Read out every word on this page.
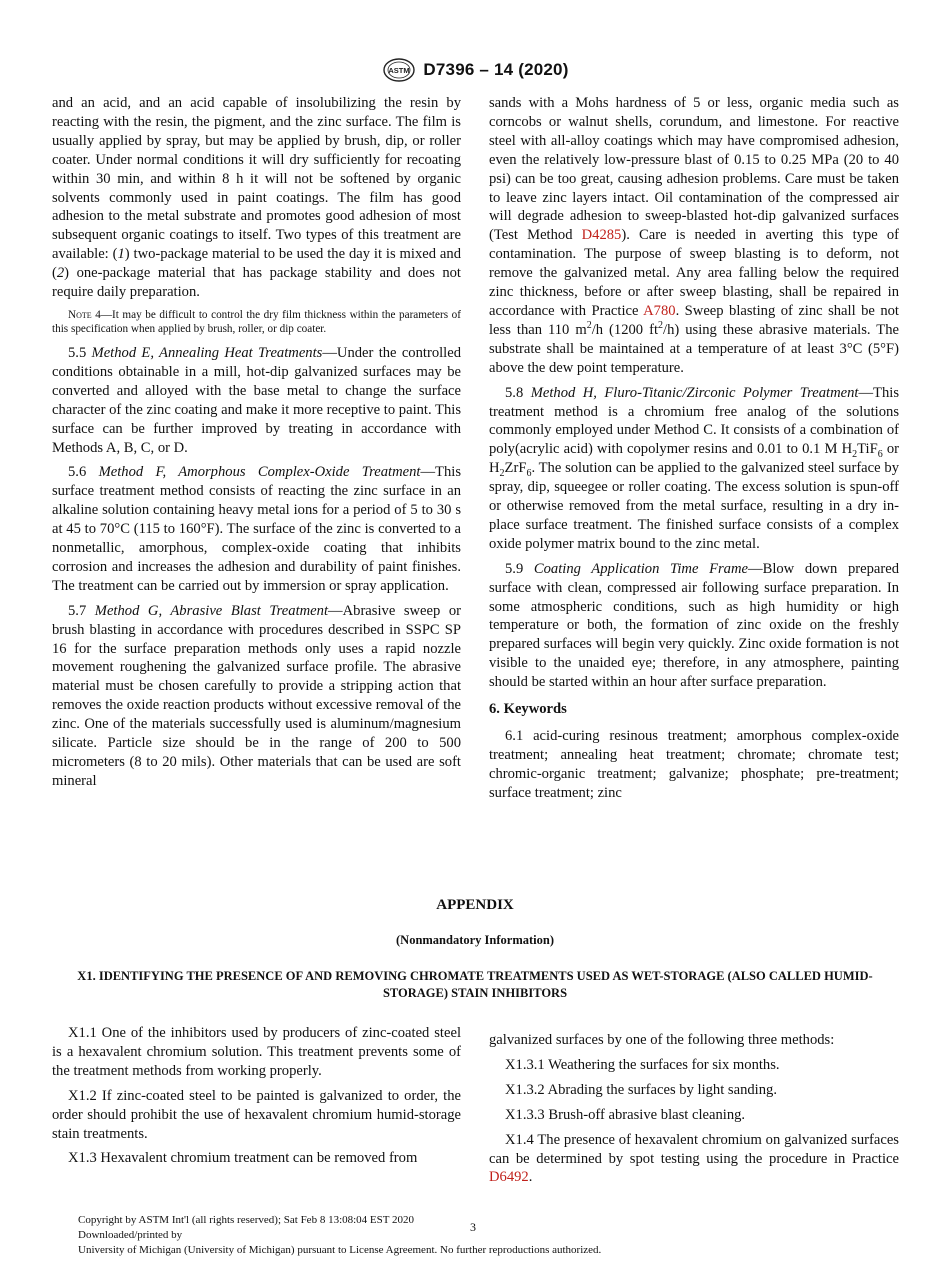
ASTM D7396 – 14 (2020)

and an acid, and an acid capable of insolubilizing the resin by reacting with the resin, the pigment, and the zinc surface. The film is usually applied by spray, but may be applied by brush, dip, or roller coater. Under normal conditions it will dry sufficiently for recoating within 30 min, and within 8 h it will not be softened by organic solvents commonly used in paint coatings. The film has good adhesion to the metal substrate and promotes good adhesion of most subsequent organic coatings to itself. Two types of this treatment are available: (1) two-package material to be used the day it is mixed and (2) one-package material that has package stability and does not require daily preparation.

Note 4—It may be difficult to control the dry film thickness within the parameters of this specification when applied by brush, roller, or dip coater.

5.5 Method E, Annealing Heat Treatments—Under the controlled conditions obtainable in a mill, hot-dip galvanized surfaces may be converted and alloyed with the base metal to change the surface character of the zinc coating and make it more receptive to paint. This surface can be further improved by treating in accordance with Methods A, B, C, or D.

5.6 Method F, Amorphous Complex-Oxide Treatment—This surface treatment method consists of reacting the zinc surface in an alkaline solution containing heavy metal ions for a period of 5 to 30 s at 45 to 70°C (115 to 160°F). The surface of the zinc is converted to a nonmetallic, amorphous, complex-oxide coating that inhibits corrosion and increases the adhesion and durability of paint finishes. The treatment can be carried out by immersion or spray application.

5.7 Method G, Abrasive Blast Treatment—Abrasive sweep or brush blasting in accordance with procedures described in SSPC SP 16 for the surface preparation methods only uses a rapid nozzle movement roughening the galvanized surface profile. The abrasive material must be chosen carefully to provide a stripping action that removes the oxide reaction products without excessive removal of the zinc. One of the materials successfully used is aluminum/magnesium silicate. Particle size should be in the range of 200 to 500 micrometers (8 to 20 mils). Other materials that can be used are soft mineral

sands with a Mohs hardness of 5 or less, organic media such as corncobs or walnut shells, corundum, and limestone. For reactive steel with all-alloy coatings which may have compromised adhesion, even the relatively low-pressure blast of 0.15 to 0.25 MPa (20 to 40 psi) can be too great, causing adhesion problems. Care must be taken to leave zinc layers intact. Oil contamination of the compressed air will degrade adhesion to sweep-blasted hot-dip galvanized surfaces (Test Method D4285). Care is needed in averting this type of contamination. The purpose of sweep blasting is to deform, not remove the galvanized metal. Any area falling below the required zinc thickness, before or after sweep blasting, shall be repaired in accordance with Practice A780. Sweep blasting of zinc shall be not less than 110 $m^2/h$ (1200 $ft^2/h$) using these abrasive materials. The substrate shall be maintained at a temperature of at least 3°C (5°F) above the dew point temperature.

5.8 Method H, Fluro-Titanic/Zirconic Polymer Treatment—This treatment method is a chromium free analog of the solutions commonly employed under Method C. It consists of a combination of poly(acrylic acid) with copolymer resins and 0.01 to 0.1 M $H_2TiF_6$ or $H_2ZrF_6$. The solution can be applied to the galvanized steel surface by spray, dip, squeegee or roller coating. The excess solution is spun-off or otherwise removed from the metal surface, resulting in a dry in-place surface treatment. The finished surface consists of a complex oxide polymer matrix bound to the zinc metal.

5.9 Coating Application Time Frame—Blow down prepared surface with clean, compressed air following surface preparation. In some atmospheric conditions, such as high humidity or high temperature or both, the formation of zinc oxide on the freshly prepared surfaces will begin very quickly. Zinc oxide formation is not visible to the unaided eye; therefore, in any atmosphere, painting should be started within an hour after surface preparation.

6. Keywords

6.1 acid-curing resinous treatment; amorphous complex-oxide treatment; annealing heat treatment; chromate; chromate test; chromic-organic treatment; galvanize; phosphate; pre-treatment; surface treatment; zinc

APPENDIX
(Nonmandatory Information)
X1. IDENTIFYING THE PRESENCE OF AND REMOVING CHROMATE TREATMENTS USED AS WET-STORAGE (ALSO CALLED HUMID-STORAGE) STAIN INHIBITORS

X1.1 One of the inhibitors used by producers of zinc-coated steel is a hexavalent chromium solution. This treatment prevents some of the treatment methods from working properly.

X1.2 If zinc-coated steel to be painted is galvanized to order, the order should prohibit the use of hexavalent chromium humid-storage stain treatments.

X1.3 Hexavalent chromium treatment can be removed from

galvanized surfaces by one of the following three methods:

X1.3.1 Weathering the surfaces for six months.

X1.3.2 Abrading the surfaces by light sanding.

X1.3.3 Brush-off abrasive blast cleaning.

X1.4 The presence of hexavalent chromium on galvanized surfaces can be determined by spot testing using the procedure in Practice D6492.

Copyright by ASTM Int'l (all rights reserved); Sat Feb 8 13:08:04 EST 2020
Downloaded/printed by
University of Michigan (University of Michigan) pursuant to License Agreement. No further reproductions authorized.
3
